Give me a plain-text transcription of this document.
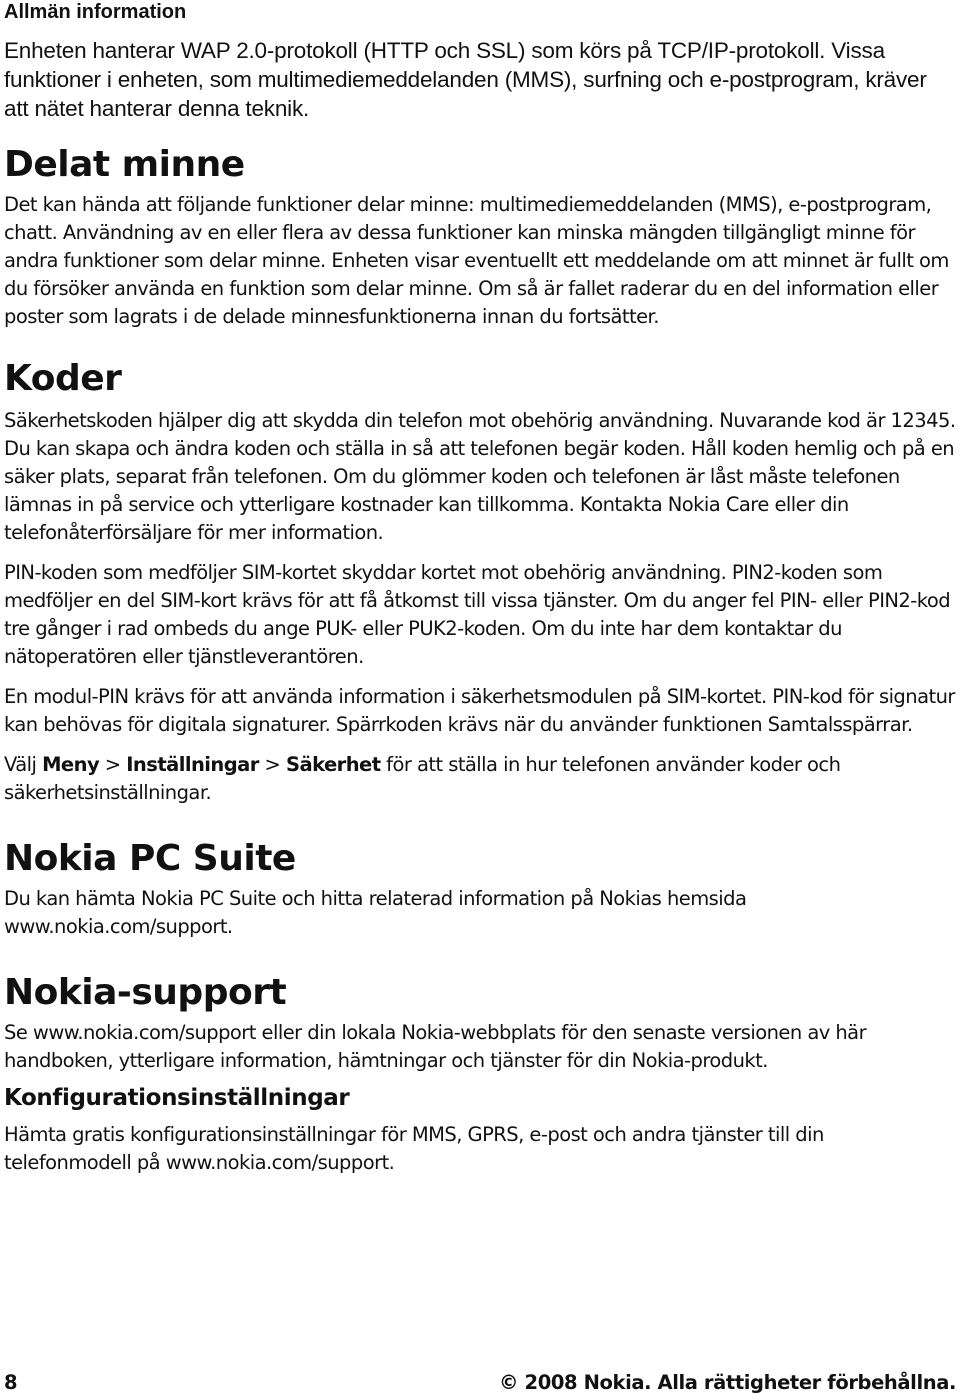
Allmän information

Enheten hanterar WAP 2.0-protokoll (HTTP och SSL) som körs på TCP/IP-protokoll. Vissa funktioner i enheten, som multimediemeddelanden (MMS), surfning och e-postprogram, kräver att nätet hanterar denna teknik.

Delat minne

Det kan hända att följande funktioner delar minne: multimediemeddelanden (MMS), e-postprogram, chatt. Användning av en eller flera av dessa funktioner kan minska mängden tillgängligt minne för andra funktioner som delar minne. Enheten visar eventuellt ett meddelande om att minnet är fullt om du försöker använda en funktion som delar minne. Om så är fallet raderar du en del information eller poster som lagrats i de delade minnesfunktionerna innan du fortsätter.

Koder

Säkerhetskoden hjälper dig att skydda din telefon mot obehörig användning. Nuvarande kod är 12345. Du kan skapa och ändra koden och ställa in så att telefonen begär koden. Håll koden hemlig och på en säker plats, separat från telefonen. Om du glömmer koden och telefonen är låst måste telefonen lämnas in på service och ytterligare kostnader kan tillkomma. Kontakta Nokia Care eller din telefonåterförsäljare för mer information.

PIN-koden som medföljer SIM-kortet skyddar kortet mot obehörig användning. PIN2-koden som medföljer en del SIM-kort krävs för att få åtkomst till vissa tjänster. Om du anger fel PIN- eller PIN2-kod tre gånger i rad ombeds du ange PUK- eller PUK2-koden. Om du inte har dem kontaktar du nätoperatören eller tjänstleverantören.

En modul-PIN krävs för att använda information i säkerhetsmodulen på SIM-kortet. PIN-kod för signatur kan behövas för digitala signaturer. Spärrkoden krävs när du använder funktionen Samtalsspärrar.

Välj Meny > Inställningar > Säkerhet för att ställa in hur telefonen använder koder och säkerhetsinställningar.

Nokia PC Suite

Du kan hämta Nokia PC Suite och hitta relaterad information på Nokias hemsida www.nokia.com/support.

Nokia-support

Se www.nokia.com/support eller din lokala Nokia-webbplats för den senaste versionen av här handboken, ytterligare information, hämtningar och tjänster för din Nokia-produkt.

Konfigurationsinställningar

Hämta gratis konfigurationsinställningar för MMS, GPRS, e-post och andra tjänster till din telefonmodell på www.nokia.com/support.

8	© 2008 Nokia. Alla rättigheter förbehållna.
